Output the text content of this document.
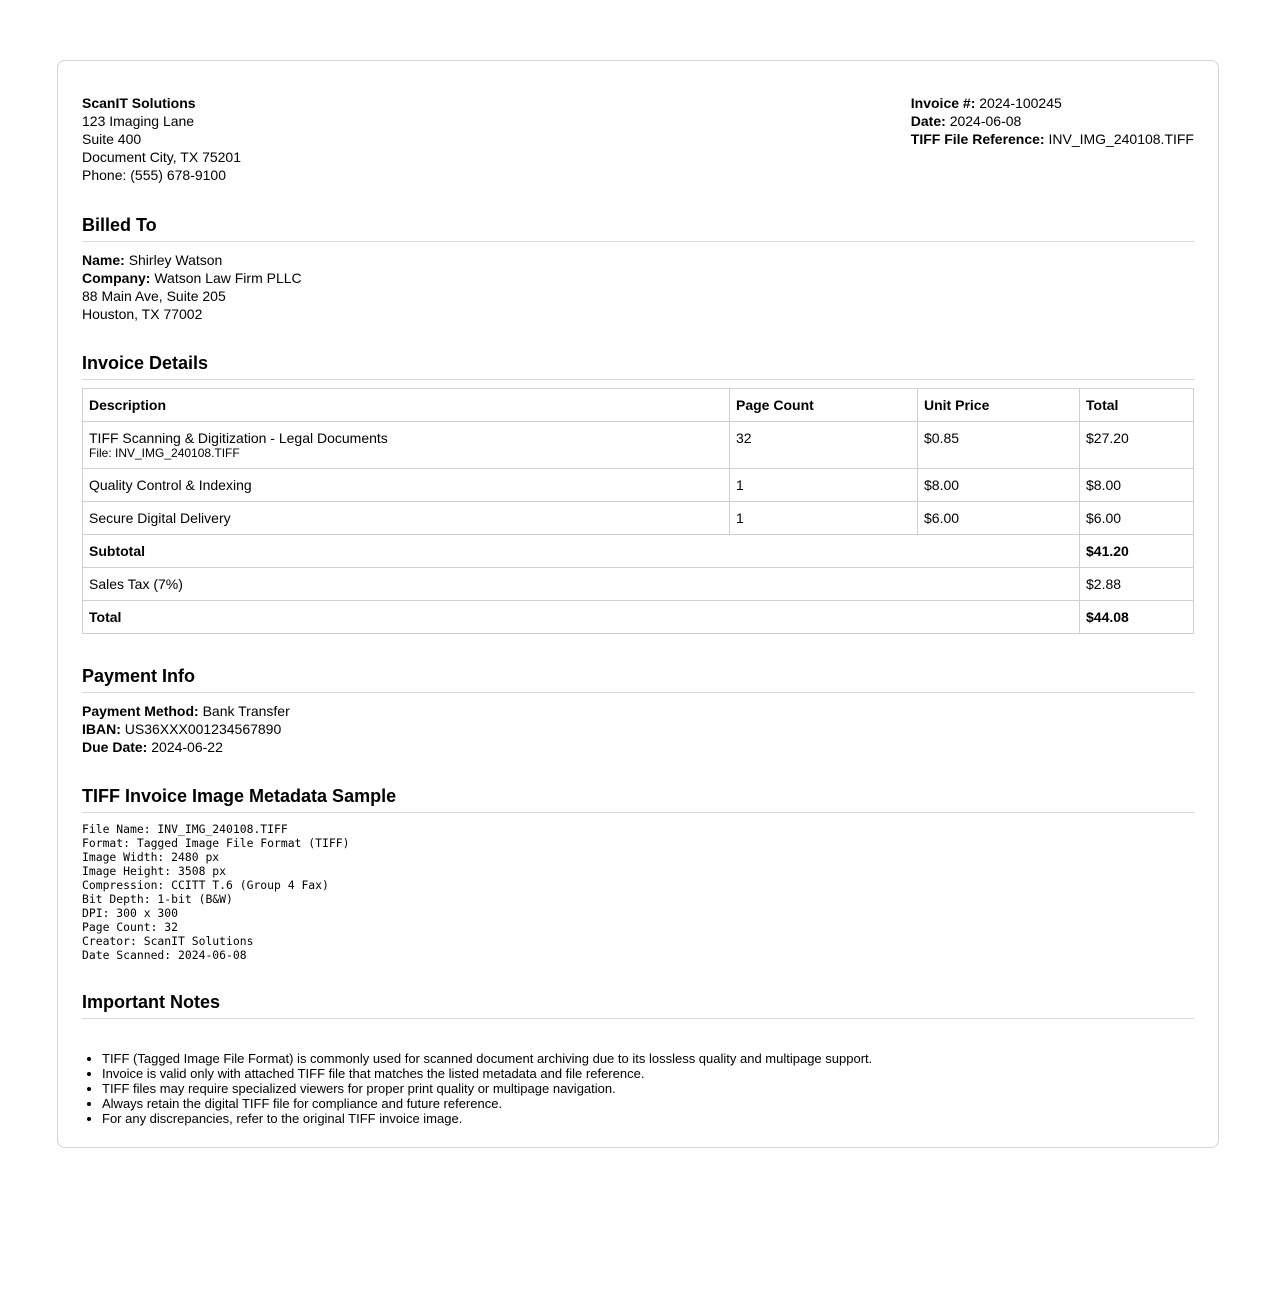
ScanIT Solutions
123 Imaging Lane
Suite 400
Document City, TX 75201
Phone: (555) 678-9100
Invoice #: 2024-100245
Date: 2024-06-08
TIFF File Reference: INV_IMG_240108.TIFF
Billed To
Name: Shirley Watson
Company: Watson Law Firm PLLC
88 Main Ave, Suite 205
Houston, TX 77002
Invoice Details
Description	Page Count	Unit Price	Total

TIFF Scanning & Digitization - Legal Documents
File: INV_IMG_240108.TIFF	32	$0.85	$27.20
Quality Control & Indexing	1	$8.00	$8.00
Secure Digital Delivery	1	$6.00	$6.00
Subtotal			$41.20
Sales Tax (7%)			$2.88
Total			$44.08
Payment Info
Payment Method: Bank Transfer
IBAN: US36XXX001234567890
Due Date: 2024-06-22
TIFF Invoice Image Metadata Sample
File Name: INV_IMG_240108.TIFF
Format: Tagged Image File Format (TIFF)
Image Width: 2480 px
Image Height: 3508 px
Compression: CCITT T.6 (Group 4 Fax)
Bit Depth: 1-bit (B&W)
DPI: 300 x 300
Page Count: 32
Creator: ScanIT Solutions
Date Scanned: 2024-06-08
Important Notes
• TIFF (Tagged Image File Format) is commonly used for scanned document archiving due to its lossless quality and multipage support.
• Invoice is valid only with attached TIFF file that matches the listed metadata and file reference.
• TIFF files may require specialized viewers for proper print quality or multipage navigation.
• Always retain the digital TIFF file for compliance and future reference.
• For any discrepancies, refer to the original TIFF invoice image.
